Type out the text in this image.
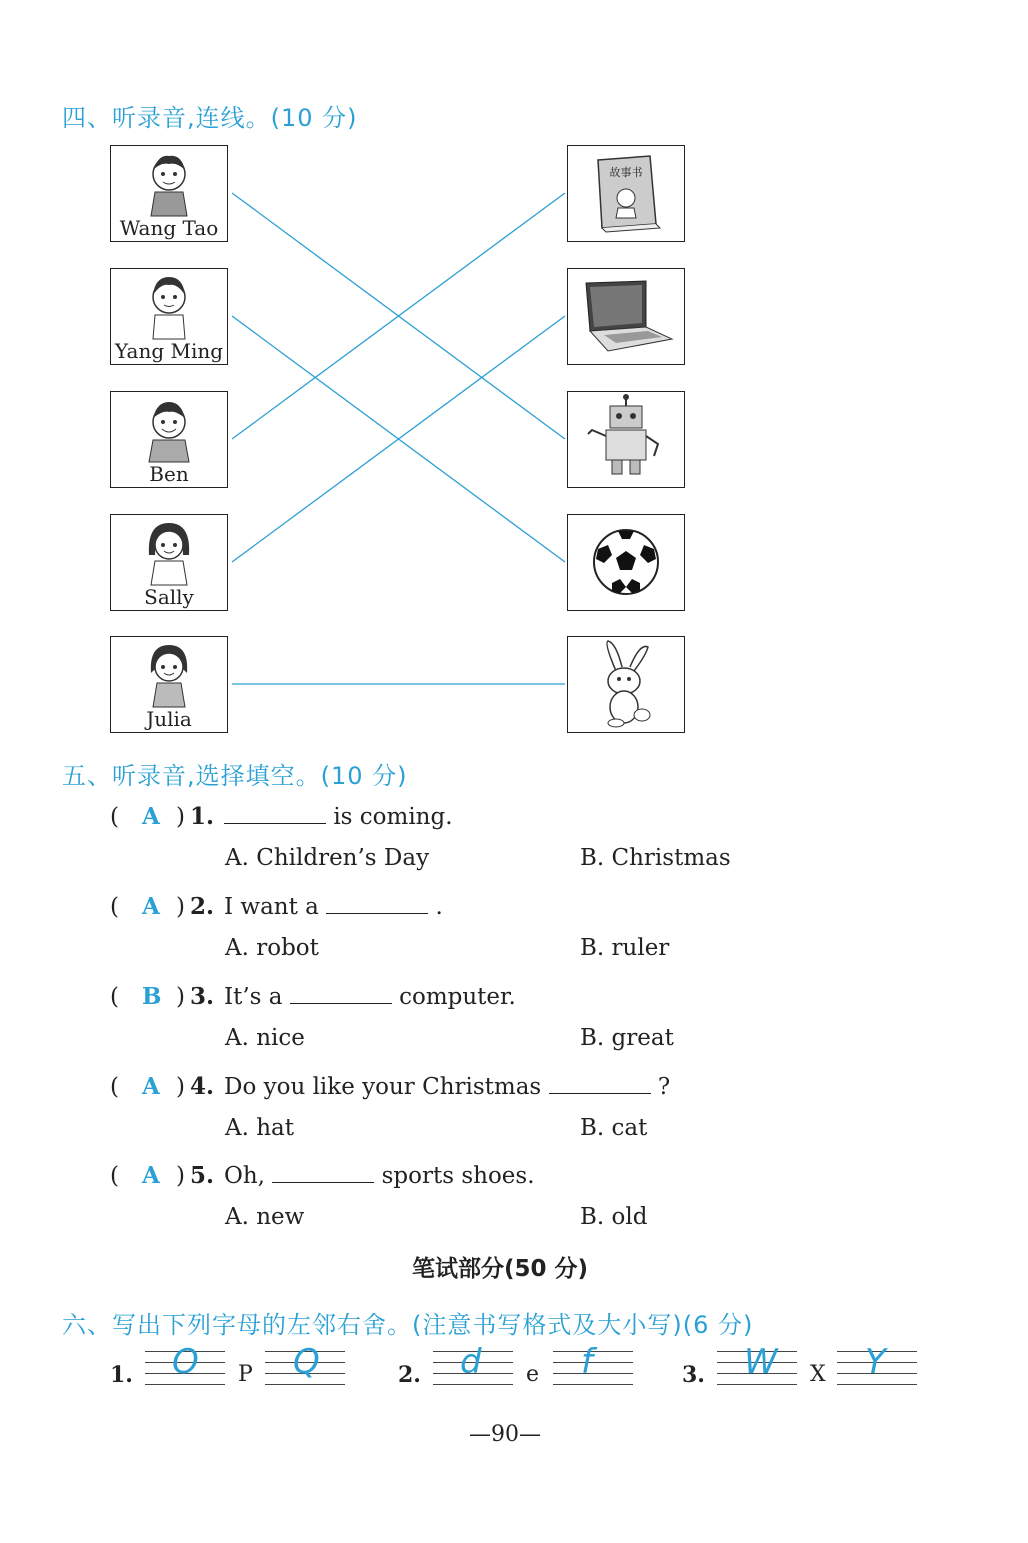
四、听录音,连线。(10 分)
Wang Tao
Yang Ming
Ben
Sally
Julia
故事书
五、听录音,选择填空。(10 分)
( A ) 1.	is coming.
A. Children’s Day	B. Christmas
( A ) 2. I want a	.
A. robot	B. ruler
( B ) 3. It’s a	computer.
A. nice	B. great
( A ) 4. Do you like your Christmas	?
A. hat	B. cat
( A ) 5. Oh,	sports shoes.
A. new	B. old
笔试部分(50 分)
六、写出下列字母的左邻右舍。(注意书写格式及大小写)(6 分)
1. O P Q	2. d e f	3. W X Y
—90—
